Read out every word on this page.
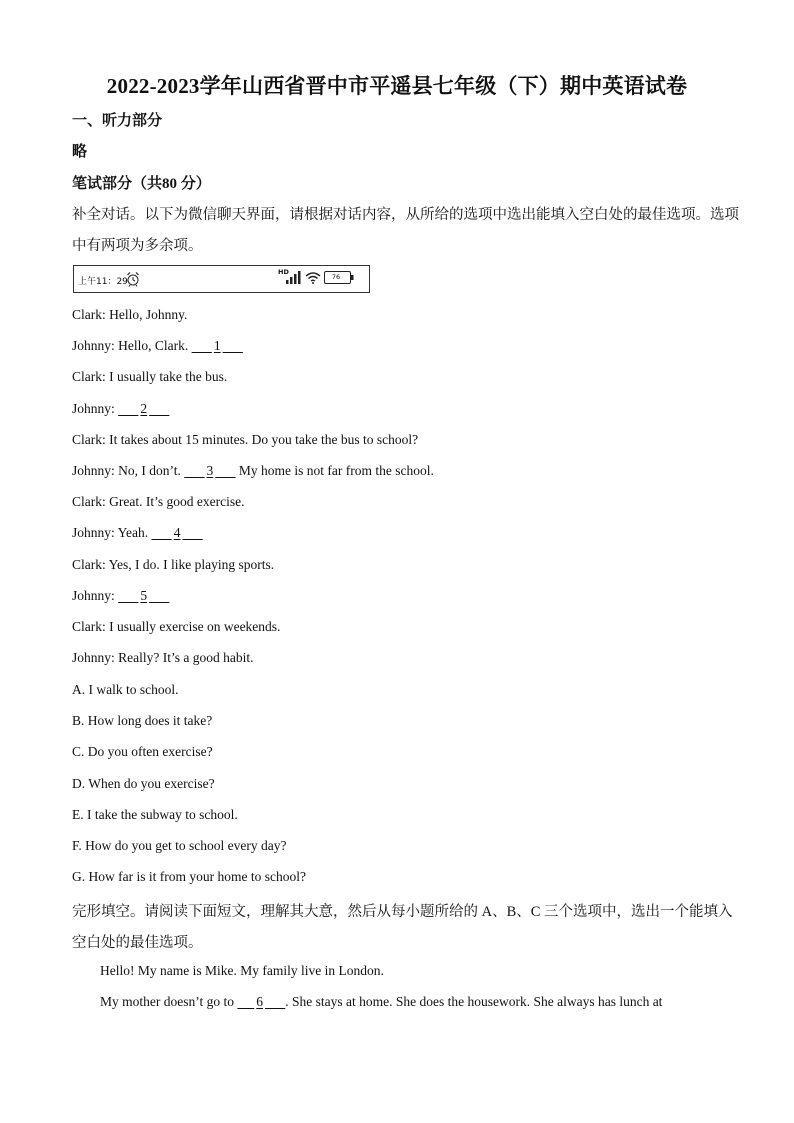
2022-2023学年山西省晋中市平遥县七年级（下）期中英语试卷
一、听力部分
略
笔试部分（共80 分）
补全对话。以下为微信聊天界面，请根据对话内容，从所给的选项中选出能填入空白处的最佳选项。选项
中有两项为多余项。
上午11：29
HD
76
Clark: Hello, Johnny.
Johnny: Hello, Clark.       1
Clark: I usually take the bus.
Johnny:       2
Clark: It takes about 15 minutes. Do you take the bus to school?
Johnny: No, I don’t.       3       My home is not far from the school.
Clark: Great. It’s good exercise.
Johnny: Yeah.       4
Clark: Yes, I do. I like playing sports.
Johnny:       5
Clark: I usually exercise on weekends.
Johnny: Really? It’s a good habit.
A. I walk to school.
B. How long does it take?
C. Do you often exercise?
D. When do you exercise?
E. I take the subway to school.
F. How do you get to school every day?
G. How far is it from your home to school?
完形填空。请阅读下面短文，理解其大意，然后从每小题所给的 A、B、C 三个选项中，选出一个能填入
空白处的最佳选项。
Hello! My name is Mike. My family live in London.
My mother doesn’t go to      6 . She stays at home. She does the housework. She always has lunch at
